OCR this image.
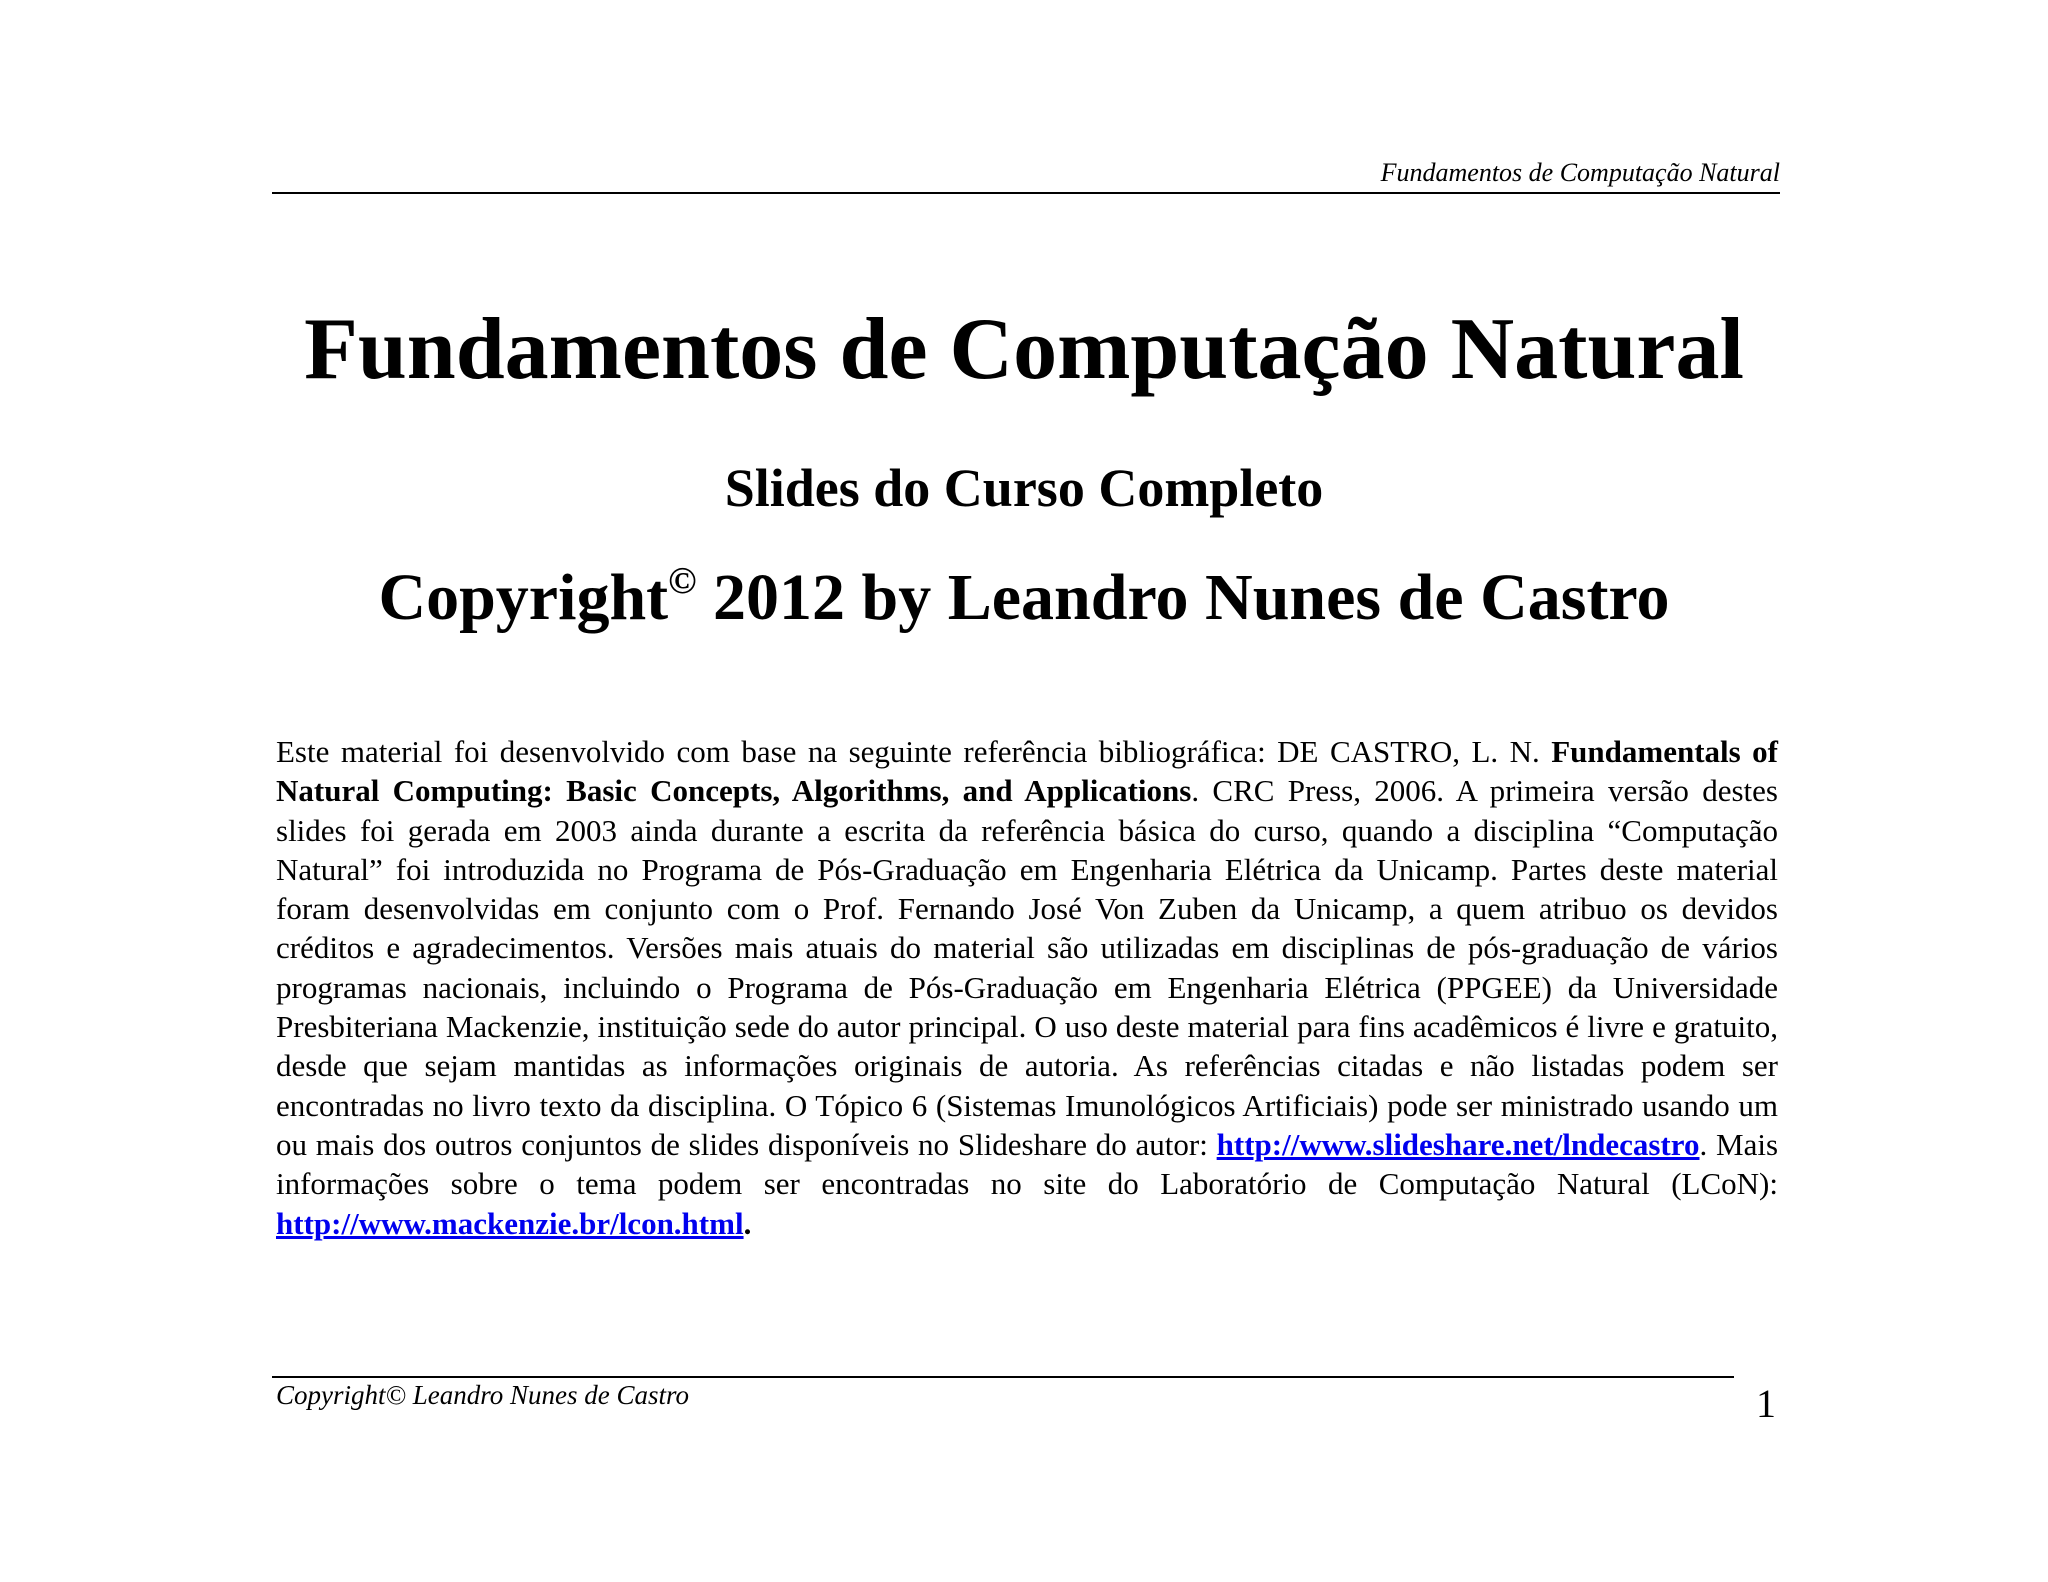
Fundamentos de Computação Natural
Fundamentos de Computação Natural
Slides do Curso Completo
Copyright© 2012 by Leandro Nunes de Castro
Este material foi desenvolvido com base na seguinte referência bibliográfica: DE CASTRO, L. N. Fundamentals of Natural Computing: Basic Concepts, Algorithms, and Applications. CRC Press, 2006. A primeira versão destes slides foi gerada em 2003 ainda durante a escrita da referência básica do curso, quando a disciplina “Computação Natural” foi introduzida no Programa de Pós-Graduação em Engenharia Elétrica da Unicamp. Partes deste material foram desenvolvidas em conjunto com o Prof. Fernando José Von Zuben da Unicamp, a quem atribuo os devidos créditos e agradecimentos. Versões mais atuais do material são utilizadas em disciplinas de pós-graduação de vários programas nacionais, incluindo o Programa de Pós-Graduação em Engenharia Elétrica (PPGEE) da Universidade Presbiteriana Mackenzie, instituição sede do autor principal. O uso deste material para fins acadêmicos é livre e gratuito, desde que sejam mantidas as informações originais de autoria. As referências citadas e não listadas podem ser encontradas no livro texto da disciplina. O Tópico 6 (Sistemas Imunológicos Artificiais) pode ser ministrado usando um ou mais dos outros conjuntos de slides disponíveis no Slideshare do autor: http://www.slideshare.net/lndecastro. Mais informações sobre o tema podem ser encontradas no site do Laboratório de Computação Natural (LCoN): http://www.mackenzie.br/lcon.html.
Copyright© Leandro Nunes de Castro	1
